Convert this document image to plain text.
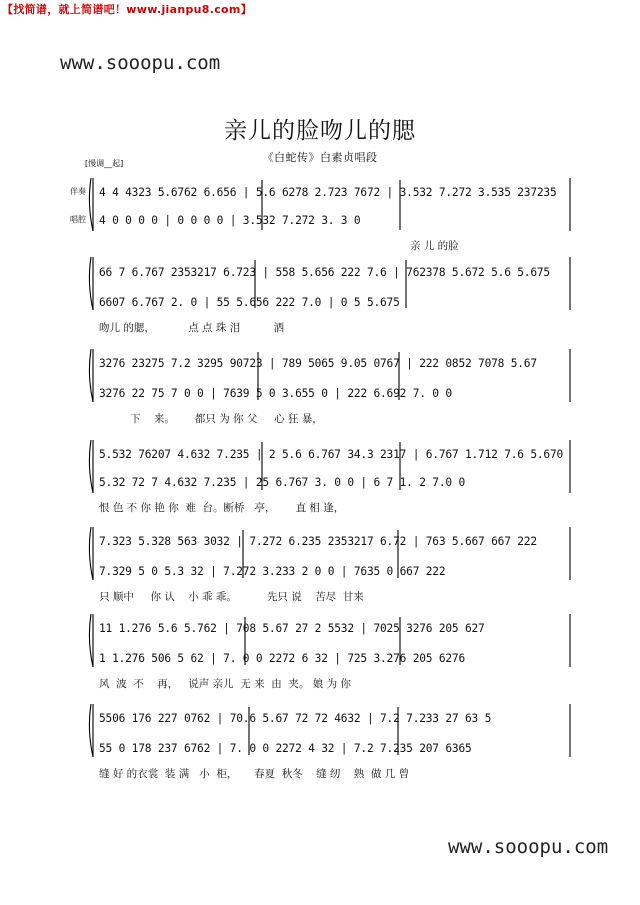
【找简谱，就上简谱吧！www.jianpu8.com】
www.sooopu.com
亲儿的脸吻儿的腮
《白蛇传》白素贞唱段
[慢调__起]
伴奏
唱腔
4 4 4323 5.6762 6.656 | 5.6 6278 2.723 7672 | 3.532 7.272 3.535 237235
4 0 0 0 0 | 0 0 0 0 | 3.532 7.272 3. 3 0
亲 儿 的脸
66 7 6.767 2353217 6.723 | 558 5.656 222 7.6 | 762378 5.672 5.6 5.675
6607 6.767 2. 0 | 55 5.656 222 7.0 | 0 5 5.675
吻儿 的腮，          点 点 珠 泪          洒
3276 23275 7.2 3295 90723 | 789 5065 9.05 0767 | 222 0852 7078 5.67
3276 22 75 7 0 0 | 7639 5 0 3.655 0 | 222 6.692 7. 0 0
下    来。      都只 为 你 父     心 狂 暴，
5.532 76207 4.632 7.235 | 2 5.6 6.767 34.3 2317 | 6.767 1.712 7.6 5.670
5.32 72 7 4.632 7.235 | 25 6.767 3. 0 0 | 6 7 1. 2 7.0 0
恨 色 不 你 艳 你  难  台。断桥   亭，      直 相 逢，
7.323 5.328 563 3032 | 7.272 6.235 2353217 6.72 | 763 5.667 667 222
7.329 5 0 5.3 32 | 7.272 3.233 2 0 0 | 7635 0 667 222
只 顺中     你 认    小 乖 乖。         先只 说    苦尽  甘来
11 1.276 5.6 5.762 | 708 5.67 27 2 5532 | 7025 3276 205 627
1 1.276 506 5 62 | 7. 0 0 2272 6 32 | 725 3.276 205 6276
风  波  不    再，   说声 亲儿  无 来  由  夹。 娘 为 你
5506 176 227 0762 | 70.6 5.67 72 72 4632 | 7.2 7.233 27 63 5
55 0 178 237 6762 | 7. 0 0 2272 4 32 | 7.2 7.235 207 6365
缝 好 的衣裳  装 满   小  柜，     春夏  秋冬    缝 纫    熟  做 几 曾
www.sooopu.com
